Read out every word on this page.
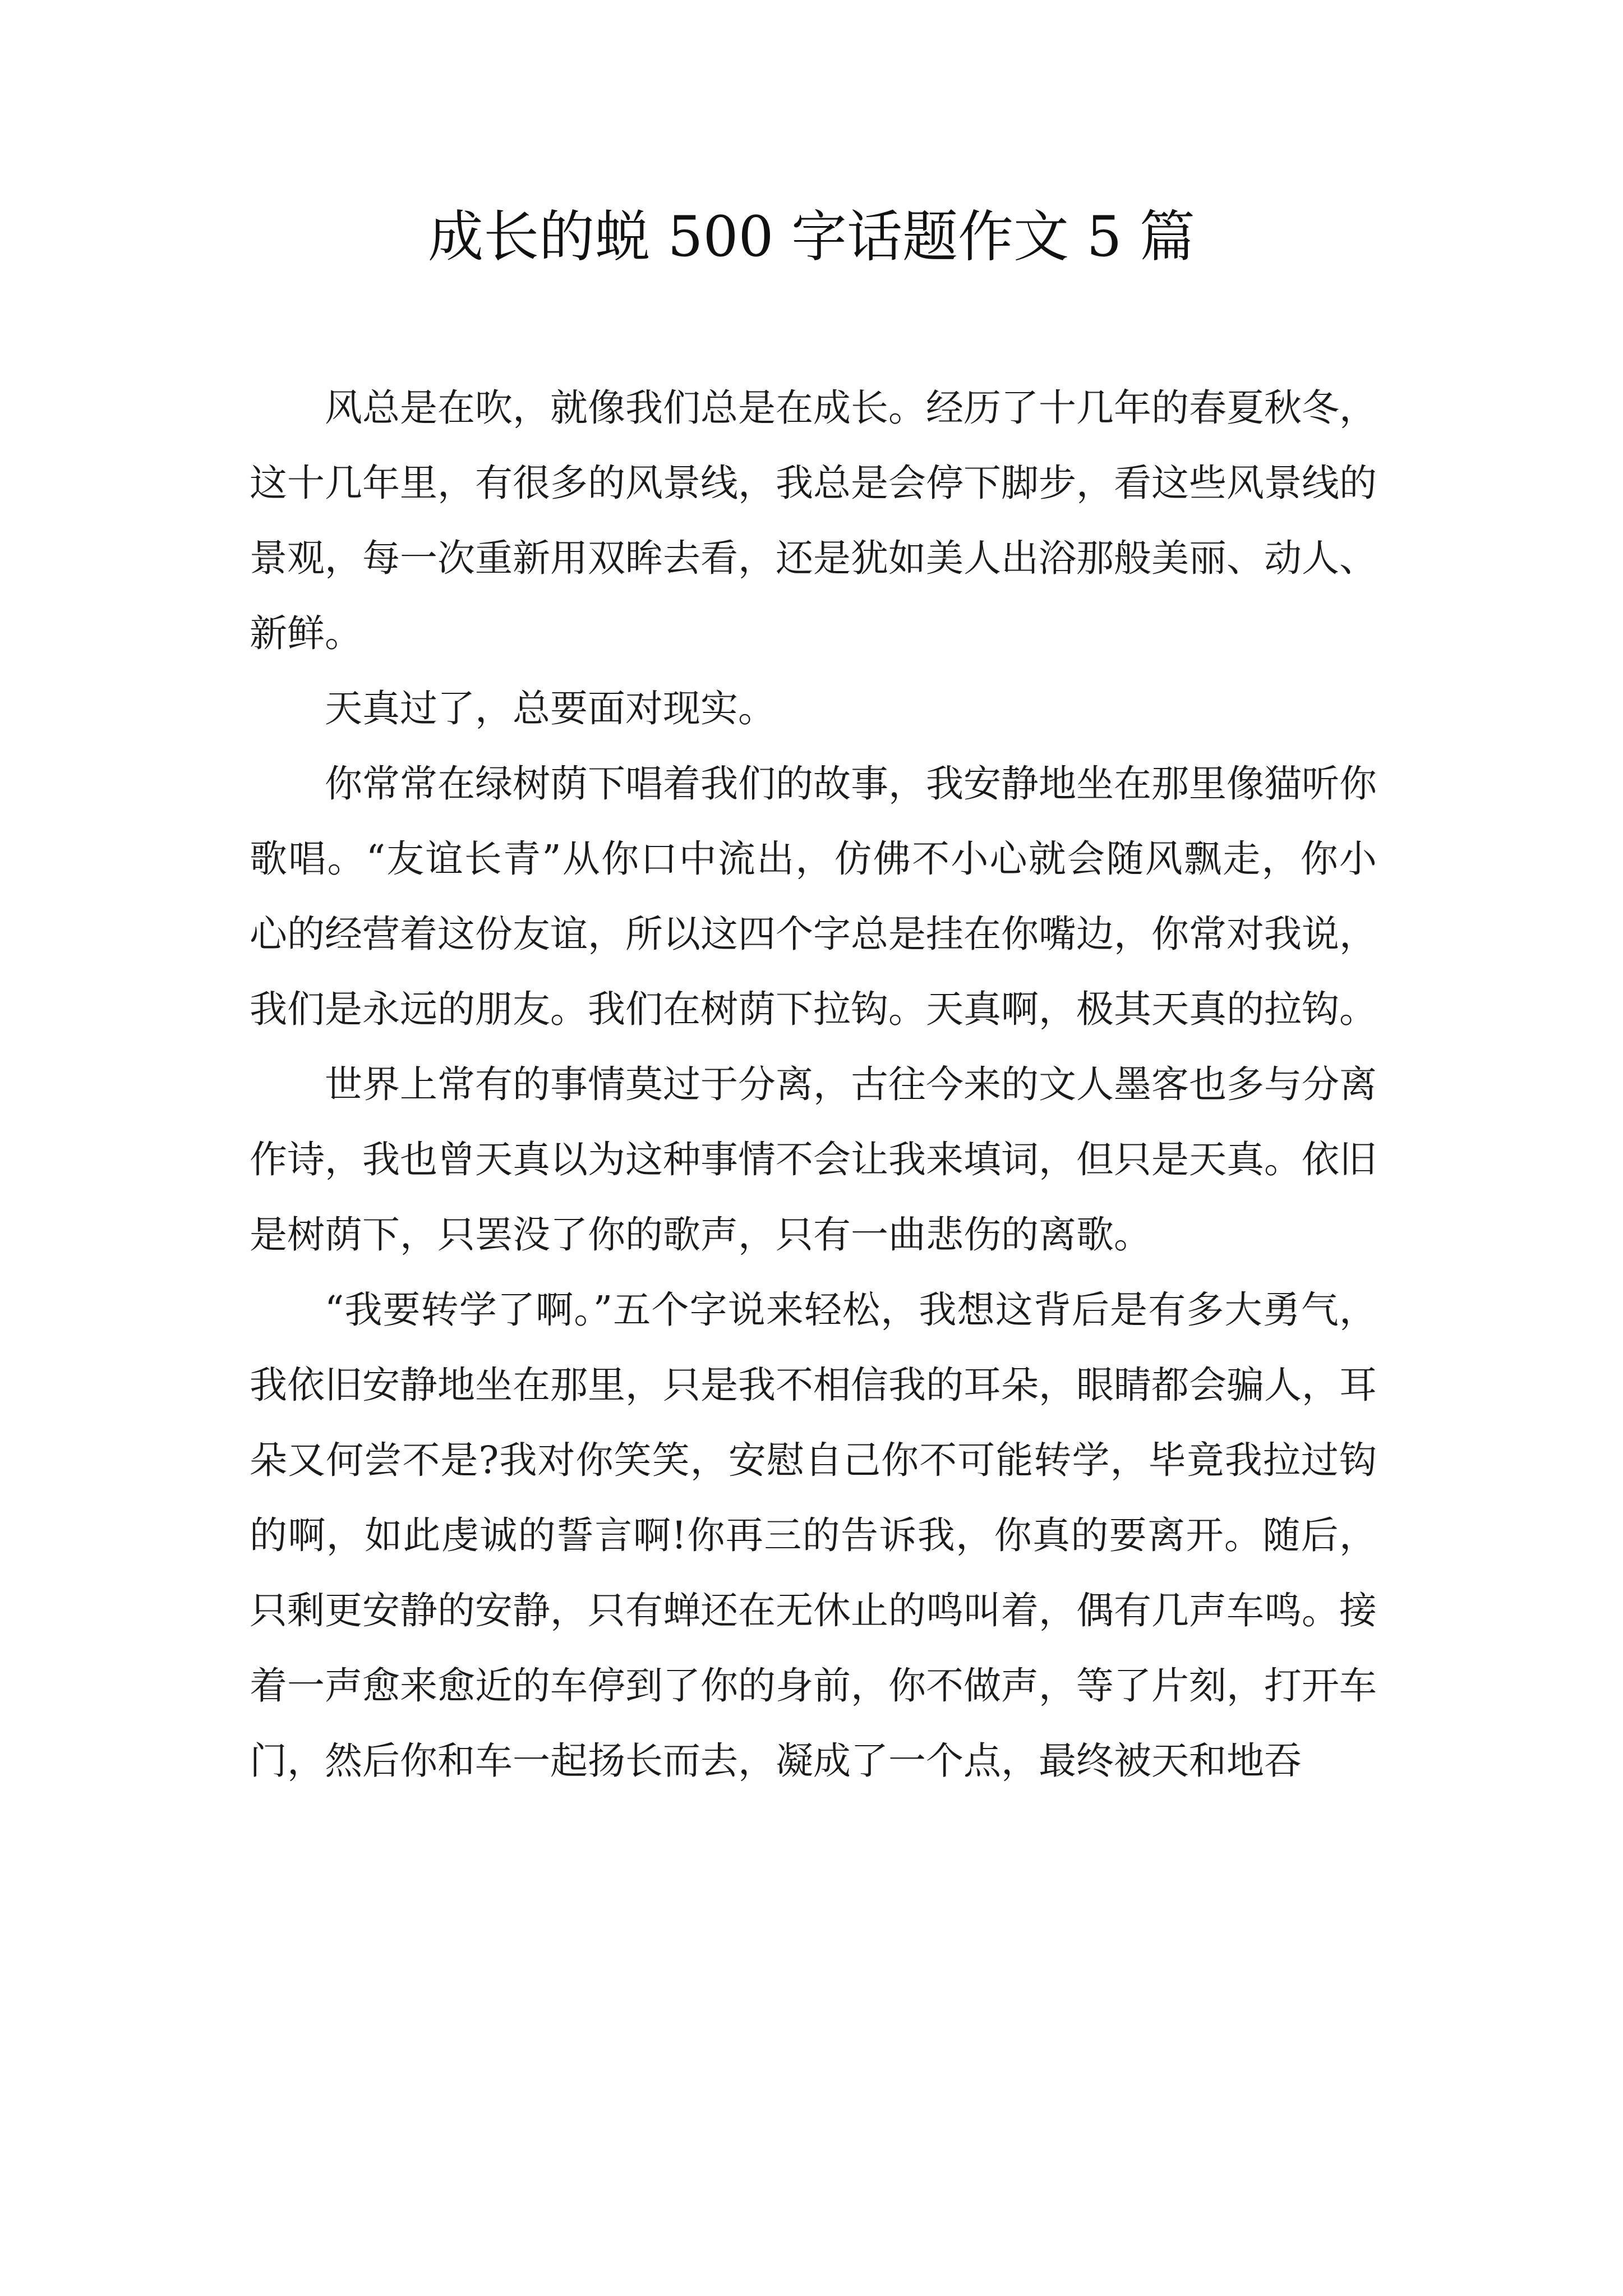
成长的蜕 500 字话题作文 5 篇

风总是在吹，就像我们总是在成长。经历了十几年的春夏秋冬，这十几年里，有很多的风景线，我总是会停下脚步，看这些风景线的景观，每一次重新用双眸去看，还是犹如美人出浴那般美丽、动人、新鲜。

天真过了，总要面对现实。

你常常在绿树荫下唱着我们的故事，我安静地坐在那里像猫听你歌唱。“友谊长青”从你口中流出，仿佛不小心就会随风飘走，你小心的经营着这份友谊，所以这四个字总是挂在你嘴边，你常对我说，我们是永远的朋友。我们在树荫下拉钩。天真啊，极其天真的拉钩。

世界上常有的事情莫过于分离，古往今来的文人墨客也多与分离作诗，我也曾天真以为这种事情不会让我来填词，但只是天真。依旧是树荫下，只罢没了你的歌声，只有一曲悲伤的离歌。

“我要转学了啊。”五个字说来轻松，我想这背后是有多大勇气，我依旧安静地坐在那里，只是我不相信我的耳朵，眼睛都会骗人，耳朵又何尝不是?我对你笑笑，安慰自己你不可能转学，毕竟我拉过钩的啊，如此虔诚的誓言啊!你再三的告诉我，你真的要离开。随后，只剩更安静的安静，只有蝉还在无休止的鸣叫着，偶有几声车鸣。接着一声愈来愈近的车停到了你的身前，你不做声，等了片刻，打开车门，然后你和车一起扬长而去，凝成了一个点，最终被天和地吞
